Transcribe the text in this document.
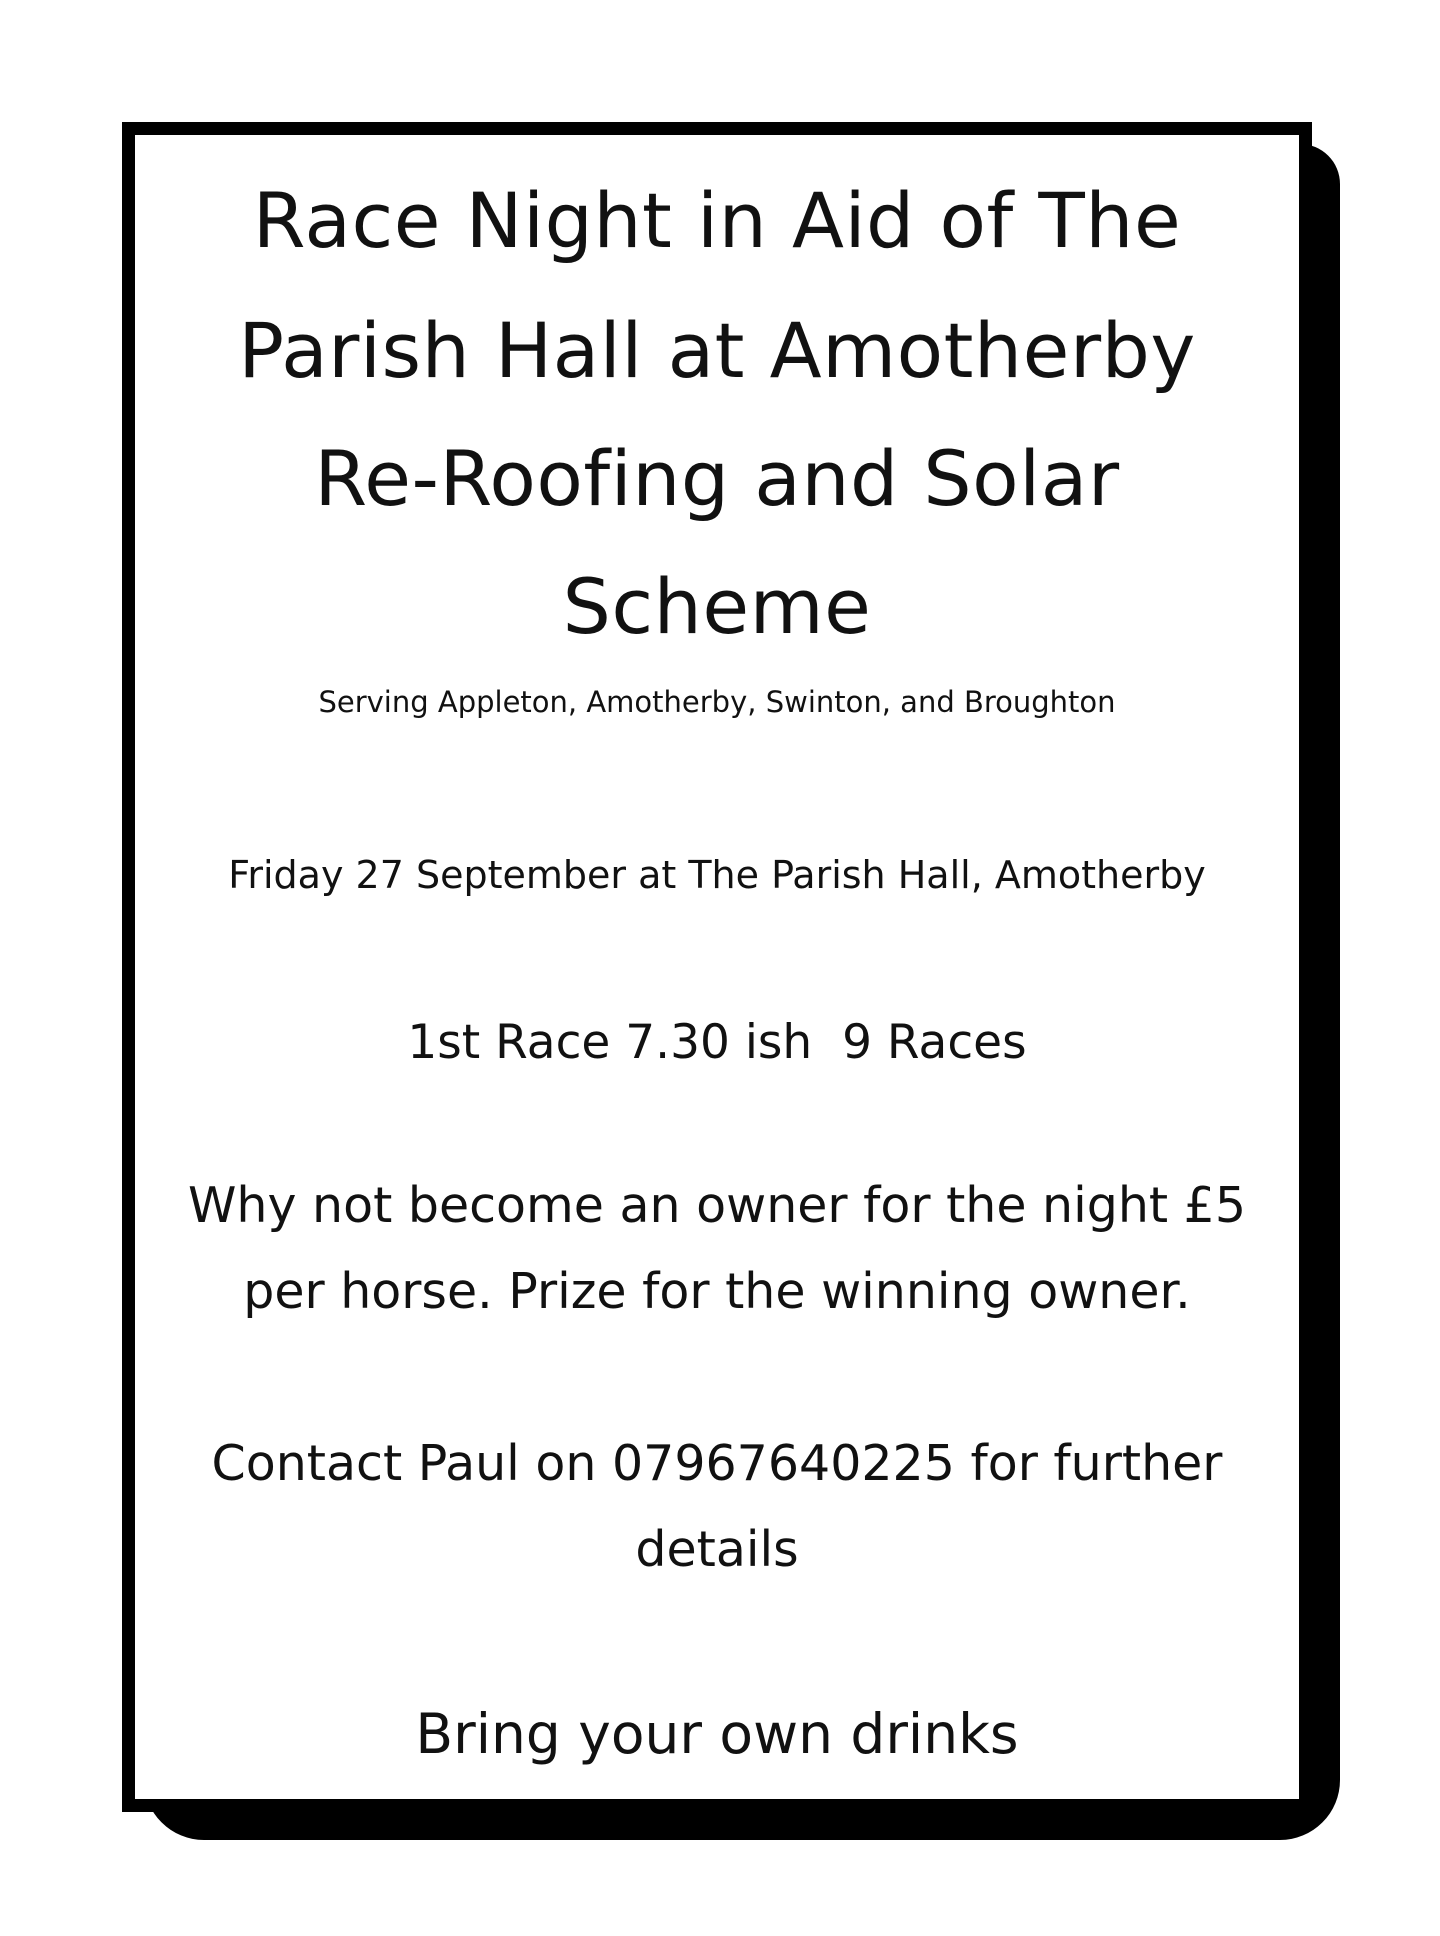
Race Night in Aid of The
Parish Hall at Amotherby
Re-Roofing and Solar
Scheme

Serving Appleton, Amotherby, Swinton, and Broughton

Friday 27 September at The Parish Hall, Amotherby

1st Race 7.30 ish  9 Races

Why not become an owner for the night £5

per horse. Prize for the winning owner.

Contact Paul on 07967640225 for further

details

Bring your own drinks
